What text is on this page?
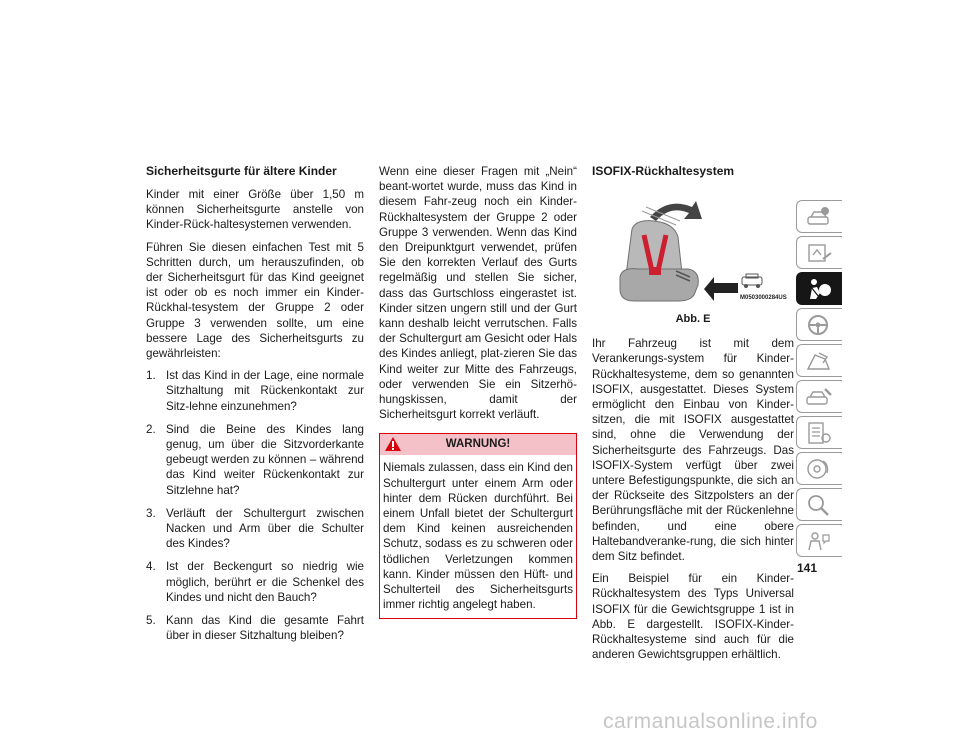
Sicherheitsgurte für ältere Kinder

Kinder mit einer Größe über 1,50 m können Sicherheitsgurte anstelle von Kinder-Rück-haltesystemen verwenden.

Führen Sie diesen einfachen Test mit 5 Schritten durch, um herauszufinden, ob der Sicherheitsgurt für das Kind geeignet ist oder ob es noch immer ein Kinder-Rückhal-tesystem der Gruppe 2 oder Gruppe 3 verwenden sollte, um eine bessere Lage des Sicherheitsgurts zu gewährleisten:

1. Ist das Kind in der Lage, eine normale Sitzhaltung mit Rückenkontakt zur Sitz-lehne einzunehmen?
2. Sind die Beine des Kindes lang genug, um über die Sitzvorderkante gebeugt werden zu können – während das Kind weiter Rückenkontakt zur Sitzlehne hat?
3. Verläuft der Schultergurt zwischen Nacken und Arm über die Schulter des Kindes?
4. Ist der Beckengurt so niedrig wie möglich, berührt er die Schenkel des Kindes und nicht den Bauch?
5. Kann das Kind die gesamte Fahrt über in dieser Sitzhaltung bleiben?

Wenn eine dieser Fragen mit „Nein“ beant-wortet wurde, muss das Kind in diesem Fahr-zeug noch ein Kinder-Rückhaltesystem der Gruppe 2 oder Gruppe 3 verwenden. Wenn das Kind den Dreipunktgurt verwendet, prüfen Sie den korrekten Verlauf des Gurts regelmäßig und stellen Sie sicher, dass das Gurtschloss eingerastet ist. Kinder sitzen ungern still und der Gurt kann deshalb leicht verrutschen. Falls der Schultergurt am Gesicht oder Hals des Kindes anliegt, plat-zieren Sie das Kind weiter zur Mitte des Fahrzeugs, oder verwenden Sie ein Sitzerhö-hungskissen, damit der Sicherheitsgurt korrekt verläuft.

WARNUNG!
Niemals zulassen, dass ein Kind den Schultergurt unter einem Arm oder hinter dem Rücken durchführt. Bei einem Unfall bietet der Schultergurt dem Kind keinen ausreichenden Schutz, sodass es zu schweren oder tödlichen Verletzungen kommen kann. Kinder müssen den Hüft- und Schulterteil des Sicherheitsgurts immer richtig angelegt haben.
ISOFIX-Rückhaltesystem
M0503000284US
Abb. E

Ihr Fahrzeug ist mit dem Verankerungs-system für Kinder-Rückhaltesysteme, dem so genannten ISOFIX, ausgestattet. Dieses System ermöglicht den Einbau von Kinder-sitzen, die mit ISOFIX ausgestattet sind, ohne die Verwendung der Sicherheitsgurte des Fahrzeugs. Das ISOFIX-System verfügt über zwei untere Befestigungspunkte, die sich an der Rückseite des Sitzpolsters an der Berührungsfläche mit der Rückenlehne befinden, und eine obere Haltebandveranke-rung, die sich hinter dem Sitz befindet.

Ein Beispiel für ein Kinder-Rückhaltesystem des Typs Universal ISOFIX für die Gewichtsgruppe 1 ist in Abb. E dargestellt. ISOFIX-Kinder-Rückhaltesysteme sind auch für die anderen Gewichtsgruppen erhältlich.

141
carmanualsonline.info
